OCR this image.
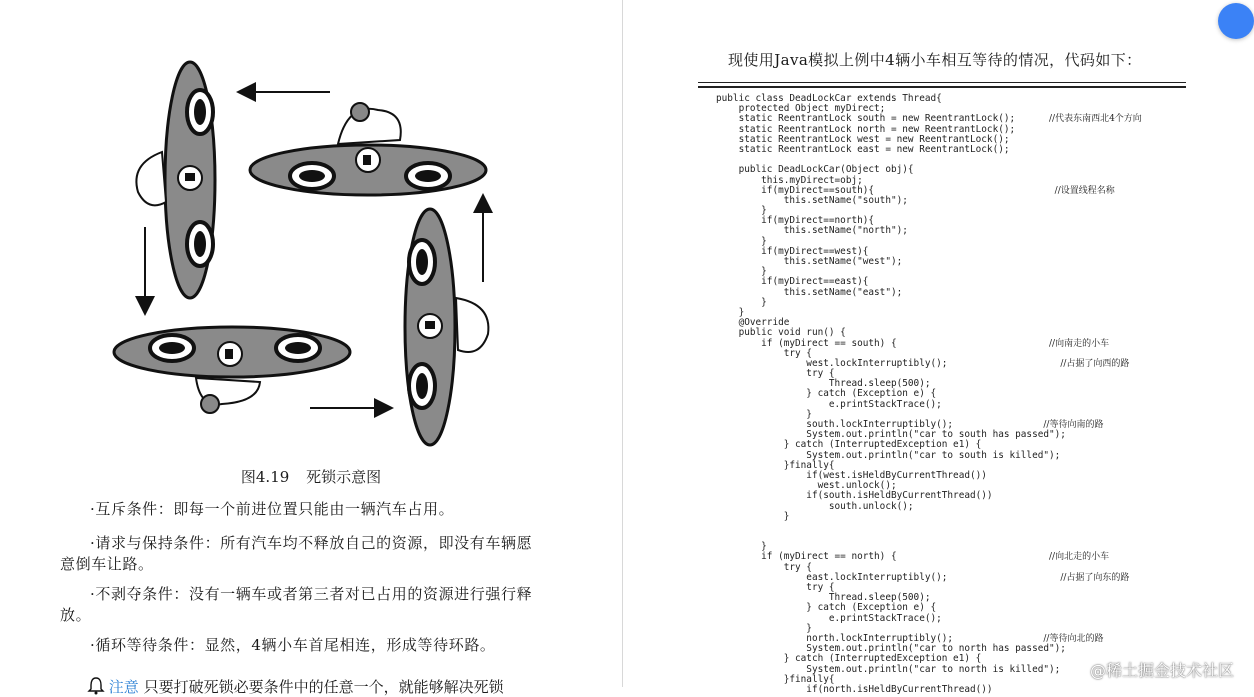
图4.19 死锁示意图
·互斥条件：即每一个前进位置只能由一辆汽车占用。
·请求与保持条件：所有汽车均不释放自己的资源，即没有车辆愿意倒车让路。
·不剥夺条件：没有一辆车或者第三者对已占用的资源进行强行释放。
·循环等待条件：显然，4辆小车首尾相连，形成等待环路。
注意 只要打破死锁必要条件中的任意一个，就能够解决死锁
现使用Java模拟上例中4辆小车相互等待的情况，代码如下：
public class DeadLockCar extends Thread{
protected Object myDirect;
static ReentrantLock south = new ReentrantLock();      //代表东南西北4个方向
static ReentrantLock north = new ReentrantLock();
static ReentrantLock west = new ReentrantLock();
static ReentrantLock east = new ReentrantLock();
public DeadLockCar(Object obj){
this.myDirect=obj;
if(myDirect==south){                                //设置线程名称
this.setName("south");
}
if(myDirect==north){
this.setName("north");
}
if(myDirect==west){
this.setName("west");
}
if(myDirect==east){
this.setName("east");
}
}
@Override
public void run() {
if (myDirect == south) {                           //向南走的小车
try {
west.lockInterruptibly();                    //占据了向西的路
try {
Thread.sleep(500);
} catch (Exception e) {
e.printStackTrace();
}
south.lockInterruptibly();                //等待向南的路
System.out.println("car to south has passed");
} catch (InterruptedException e1) {
System.out.println("car to south is killed");
}finally{
if(west.isHeldByCurrentThread())
west.unlock();
if(south.isHeldByCurrentThread())
south.unlock();
}
}
if (myDirect == north) {                           //向北走的小车
try {
east.lockInterruptibly();                    //占据了向东的路
try {
Thread.sleep(500);
} catch (Exception e) {
e.printStackTrace();
}
north.lockInterruptibly();                //等待向北的路
System.out.println("car to north has passed");
} catch (InterruptedException e1) {
System.out.println("car to north is killed");
}finally{
if(north.isHeldByCurrentThread())
@稀土掘金技术社区
